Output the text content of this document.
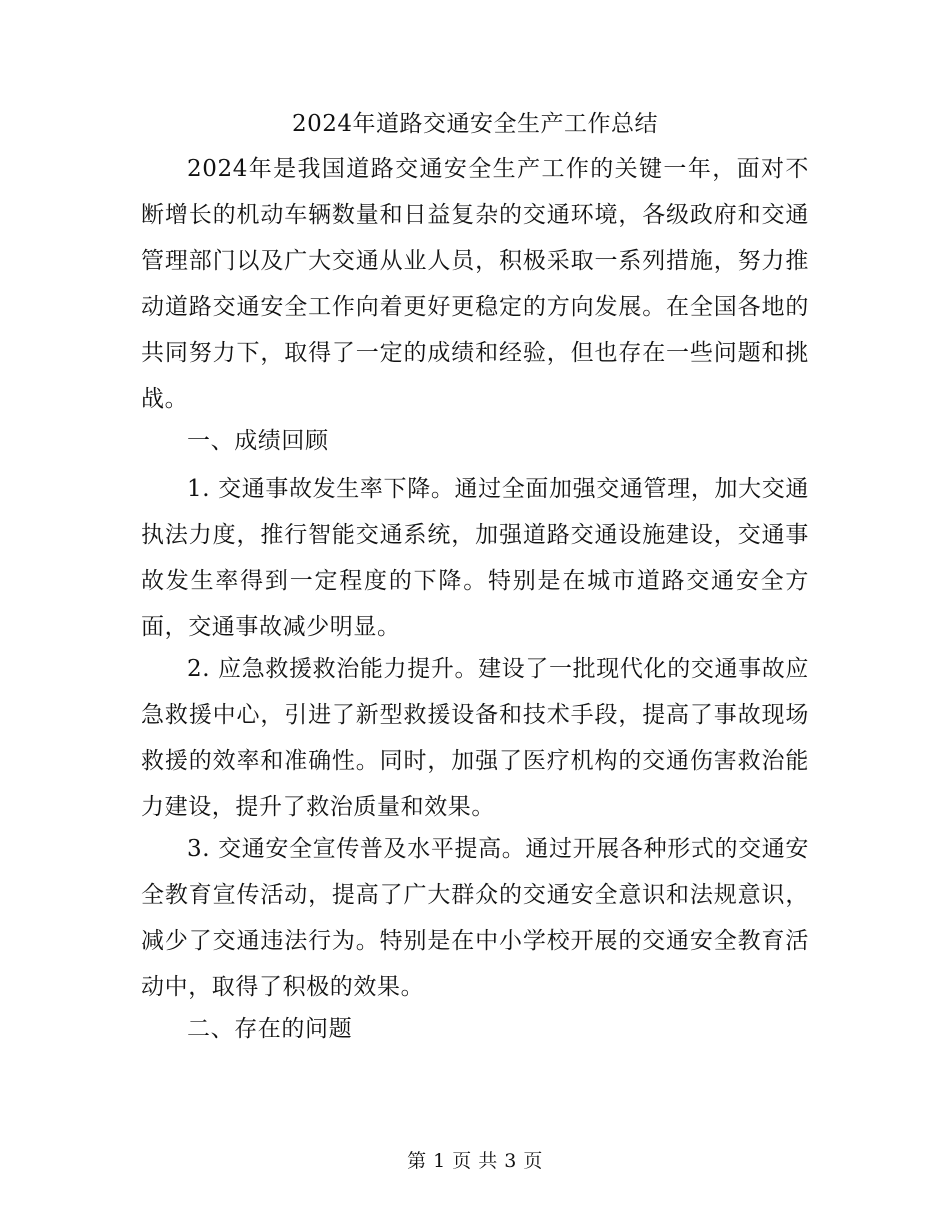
2024年道路交通安全生产工作总结

2024年是我国道路交通安全生产工作的关键一年，面对不断增长的机动车辆数量和日益复杂的交通环境，各级政府和交通管理部门以及广大交通从业人员，积极采取一系列措施，努力推动道路交通安全工作向着更好更稳定的方向发展。在全国各地的共同努力下，取得了一定的成绩和经验，但也存在一些问题和挑战。

一、成绩回顾

1. 交通事故发生率下降。通过全面加强交通管理，加大交通执法力度，推行智能交通系统，加强道路交通设施建设，交通事故发生率得到一定程度的下降。特别是在城市道路交通安全方面，交通事故减少明显。

2. 应急救援救治能力提升。建设了一批现代化的交通事故应急救援中心，引进了新型救援设备和技术手段，提高了事故现场救援的效率和准确性。同时，加强了医疗机构的交通伤害救治能力建设，提升了救治质量和效果。

3. 交通安全宣传普及水平提高。通过开展各种形式的交通安全教育宣传活动，提高了广大群众的交通安全意识和法规意识，减少了交通违法行为。特别是在中小学校开展的交通安全教育活动中，取得了积极的效果。

二、存在的问题

第 1 页 共 3 页
